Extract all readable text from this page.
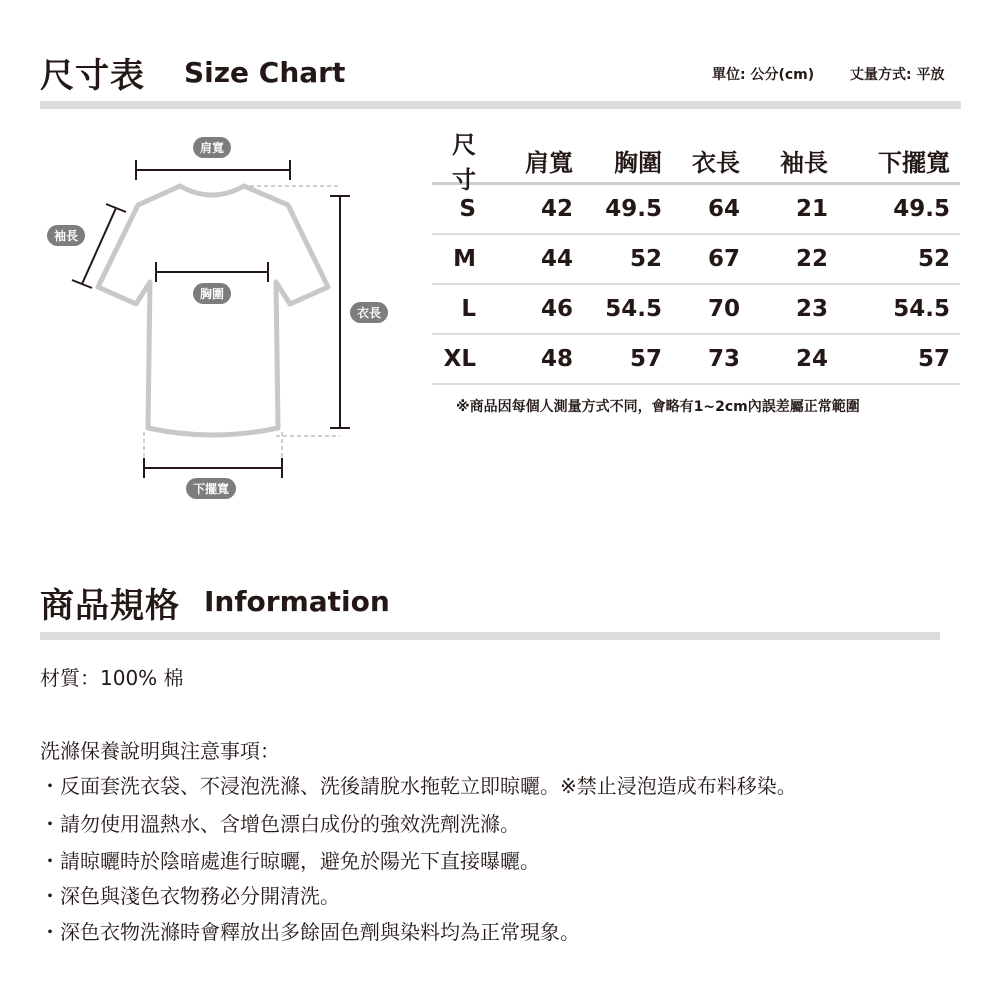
尺寸表 Size Chart	單位: 公分(cm)	丈量方式: 平放
肩寬
袖長
胸圍
衣長
下擺寬
尺寸
肩寬	胸圍	衣長	袖長	下擺寬
S	42	49.5	64	21	49.5
M	44	52	67	22	52
L	46	54.5	70	23	54.5
XL	48	57	73	24	57
※商品因每個人測量方式不同，會略有1~2cm內誤差屬正常範圍
商品規格 Information
材質：100% 棉
洗滌保養說明與注意事項：
・反面套洗衣袋、不浸泡洗滌、洗後請脫水拖乾立即晾曬。※禁止浸泡造成布料移染。
・請勿使用溫熱水、含增色漂白成份的強效洗劑洗滌。
・請晾曬時於陰暗處進行晾曬，避免於陽光下直接曝曬。
・深色與淺色衣物務必分開清洗。
・深色衣物洗滌時會釋放出多餘固色劑與染料均為正常現象。
